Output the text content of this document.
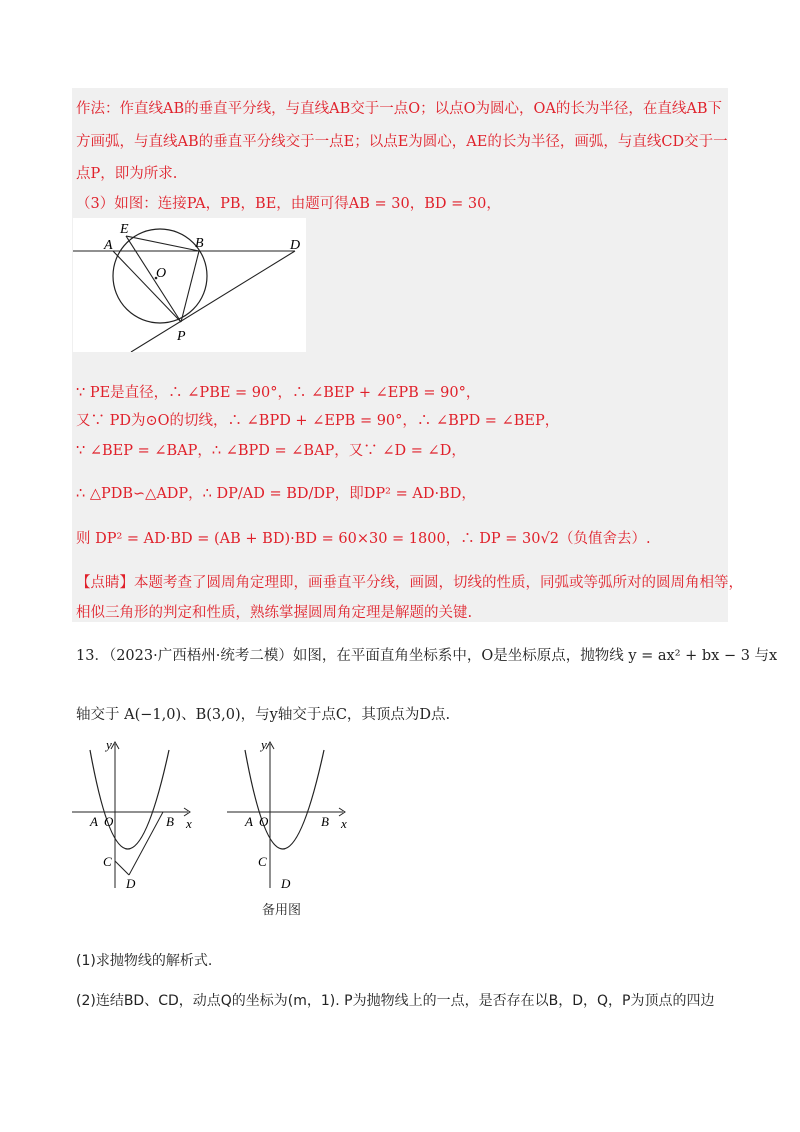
作法：作直线AB的垂直平分线，与直线AB交于一点O；以点O为圆心，OA的长为半径，在直线AB下
方画弧，与直线AB的垂直平分线交于一点E；以点E为圆心，AE的长为半径，画弧，与直线CD交于一
点P，即为所求.
（3）如图：连接PA，PB，BE，由题可得AB = 30，BD = 30，
E
A	B	D
O
P
∵ PE是直径，∴ ∠PBE = 90°，∴ ∠BEP + ∠EPB = 90°，
又∵ PD为⊙O的切线，∴ ∠BPD + ∠EPB = 90°，∴ ∠BPD = ∠BEP，
∵ ∠BEP = ∠BAP，∴ ∠BPD = ∠BAP，又∵ ∠D = ∠D，
∴ △PDB∽△ADP，∴ DP/AD = BD/DP，即DP² = AD·BD，
则 DP² = AD·BD = (AB + BD)·BD = 60×30 = 1800，∴ DP = 30√2（负值舍去）.
【点睛】本题考查了圆周角定理即，画垂直平分线，画圆，切线的性质，同弧或等弧所对的圆周角相等，
相似三角形的判定和性质，熟练掌握圆周角定理是解题的关键.
13．（2023·广西梧州·统考二模）如图，在平面直角坐标系中，O是坐标原点，抛物线 y = ax² + bx − 3 与x
轴交于 A(−1,0)、B(3,0)，与y轴交于点C，其顶点为D点.
y
x
A O	B
C
D
y
x
A O	B
C
D
备用图
(1)求抛物线的解析式.
(2)连结BD、CD，动点Q的坐标为(m，1). P为抛物线上的一点，是否存在以B，D，Q，P为顶点的四边
